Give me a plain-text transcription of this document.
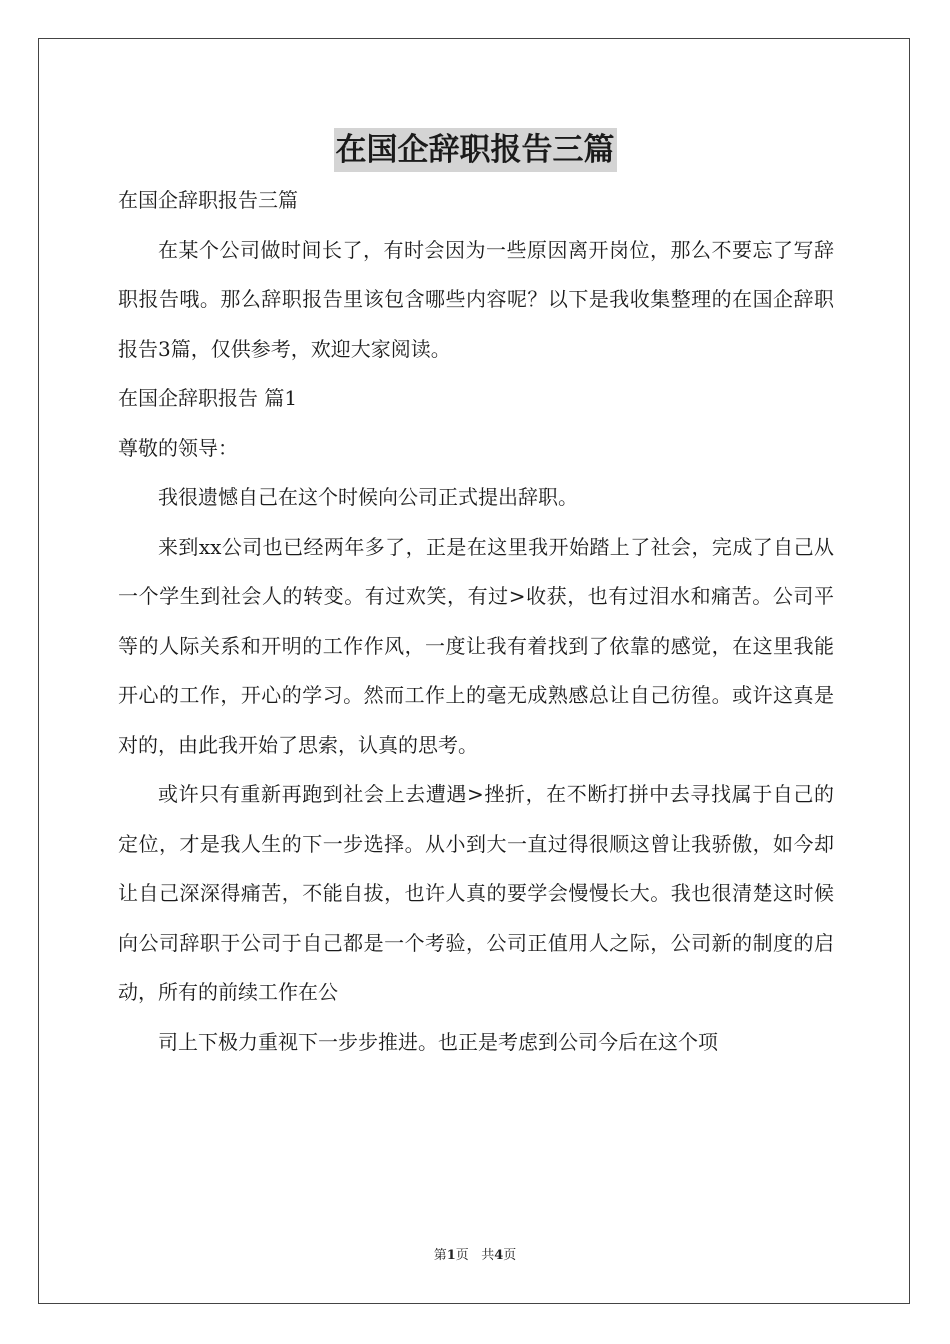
在国企辞职报告三篇

在国企辞职报告三篇

在某个公司做时间长了，有时会因为一些原因离开岗位，那么不要忘了写辞职报告哦。那么辞职报告里该包含哪些内容呢？以下是我收集整理的在国企辞职报告3篇，仅供参考，欢迎大家阅读。

在国企辞职报告 篇1

尊敬的领导：

我很遗憾自己在这个时候向公司正式提出辞职。

来到xx公司也已经两年多了，正是在这里我开始踏上了社会，完成了自己从一个学生到社会人的转变。有过欢笑，有过>收获，也有过泪水和痛苦。公司平等的人际关系和开明的工作作风，一度让我有着找到了依靠的感觉，在这里我能开心的工作，开心的学习。然而工作上的毫无成熟感总让自己彷徨。或许这真是对的，由此我开始了思索，认真的思考。

或许只有重新再跑到社会上去遭遇>挫折，在不断打拼中去寻找属于自己的定位，才是我人生的下一步选择。从小到大一直过得很顺这曾让我骄傲，如今却让自己深深得痛苦，不能自拔，也许人真的要学会慢慢长大。我也很清楚这时候向公司辞职于公司于自己都是一个考验，公司正值用人之际，公司新的制度的启动，所有的前续工作在公

司上下极力重视下一步步推进。也正是考虑到公司今后在这个项

第1页 共4页
